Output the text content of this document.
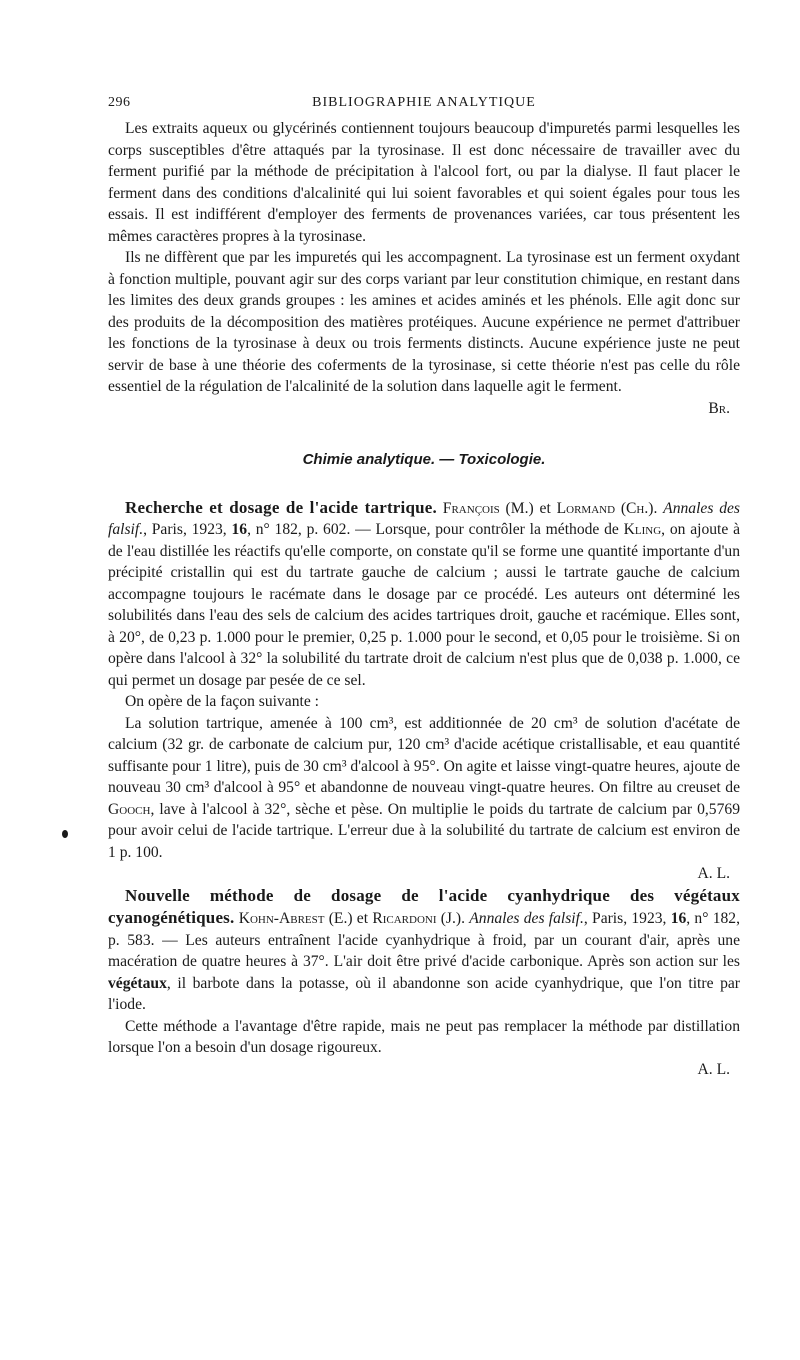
296	BIBLIOGRAPHIE ANALYTIQUE

Les extraits aqueux ou glycérinés contiennent toujours beaucoup d'impuretés parmi lesquelles les corps susceptibles d'être attaqués par la tyrosinase. Il est donc nécessaire de travailler avec du ferment purifié par la méthode de précipitation à l'alcool fort, ou par la dialyse. Il faut placer le ferment dans des conditions d'alcalinité qui lui soient favorables et qui soient égales pour tous les essais. Il est indifférent d'employer des ferments de provenances variées, car tous présentent les mêmes caractères propres à la tyrosinase.

Ils ne diffèrent que par les impuretés qui les accompagnent. La tyrosinase est un ferment oxydant à fonction multiple, pouvant agir sur des corps variant par leur constitution chimique, en restant dans les limites des deux grands groupes : les amines et acides aminés et les phénols. Elle agit donc sur des produits de la décomposition des matières protéiques. Aucune expérience ne permet d'attribuer les fonctions de la tyrosinase à deux ou trois ferments distincts. Aucune expérience juste ne peut servir de base à une théorie des coferments de la tyrosinase, si cette théorie n'est pas celle du rôle essentiel de la régulation de l'alcalinité de la solution dans laquelle agit le ferment.

Br.
Chimie analytique. — Toxicologie.

Recherche et dosage de l'acide tartrique. François (M.) et Lormand (Ch.). Annales des falsif., Paris, 1923, 16, n° 182, p. 602. — Lorsque, pour contrôler la méthode de Kling, on ajoute à de l'eau distillée les réactifs qu'elle comporte, on constate qu'il se forme une quantité importante d'un précipité cristallin qui est du tartrate gauche de calcium ; aussi le tartrate gauche de calcium accompagne toujours le racémate dans le dosage par ce procédé. Les auteurs ont déterminé les solubilités dans l'eau des sels de calcium des acides tartriques droit, gauche et racémique. Elles sont, à 20°, de 0,23 p. 1.000 pour le premier, 0,25 p. 1.000 pour le second, et 0,05 pour le troisième. Si on opère dans l'alcool à 32° la solubilité du tartrate droit de calcium n'est plus que de 0,038 p. 1.000, ce qui permet un dosage par pesée de ce sel.

On opère de la façon suivante :

La solution tartrique, amenée à 100 cm³, est additionnée de 20 cm³ de solution d'acétate de calcium (32 gr. de carbonate de calcium pur, 120 cm³ d'acide acétique cristallisable, et eau quantité suffisante pour 1 litre), puis de 30 cm³ d'alcool à 95°. On agite et laisse vingt-quatre heures, ajoute de nouveau 30 cm³ d'alcool à 95° et abandonne de nouveau vingt-quatre heures. On filtre au creuset de Gooch, lave à l'alcool à 32°, sèche et pèse. On multiplie le poids du tartrate de calcium par 0,5769 pour avoir celui de l'acide tartrique. L'erreur due à la solubilité du tartrate de calcium est environ de 1 p. 100.

A. L.

Nouvelle méthode de dosage de l'acide cyanhydrique des végétaux cyanogénétiques. Kohn-Abrest (E.) et Ricardoni (J.). Annales des falsif., Paris, 1923, 16, n° 182, p. 583. — Les auteurs entraînent l'acide cyanhydrique à froid, par un courant d'air, après une macération de quatre heures à 37°. L'air doit être privé d'acide carbonique. Après son action sur les végétaux, il barbote dans la potasse, où il abandonne son acide cyanhydrique, que l'on titre par l'iode.

Cette méthode a l'avantage d'être rapide, mais ne peut pas remplacer la méthode par distillation lorsque l'on a besoin d'un dosage rigoureux.

A. L.
